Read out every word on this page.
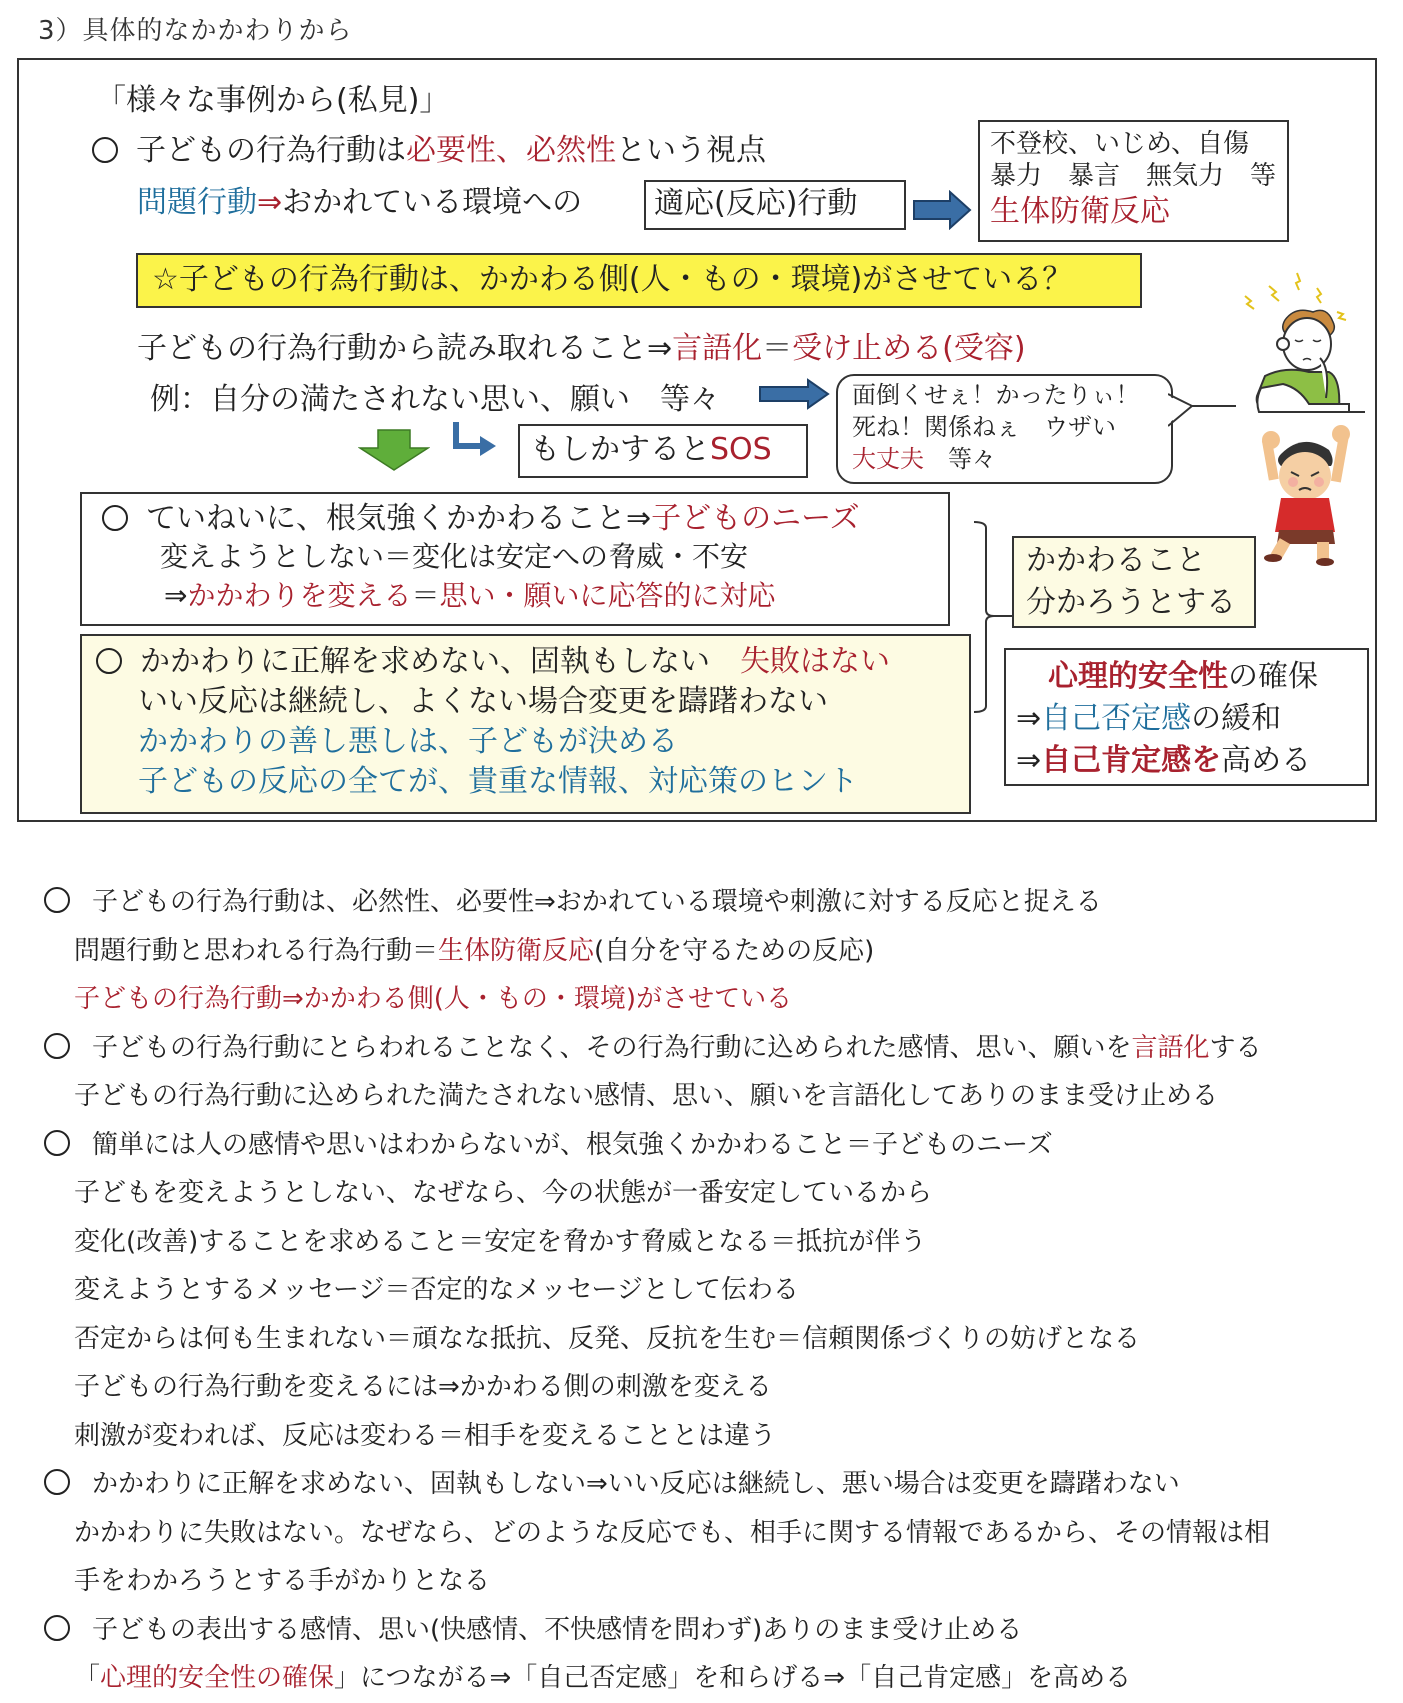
3）具体的なかかわりから
「様々な事例から(私見)」
子どもの行為行動は必要性、必然性という視点
問題行動⇒おかれている環境への	適応(反応)行動
不登校、いじめ、自傷
暴力　暴言　無気力　等
生体防衛反応
☆子どもの行為行動は、かかわる側(人・もの・環境)がさせている？
子どもの行為行動から読み取れること⇒言語化＝受け止める(受容)
例：自分の満たされない思い、願い　等々
もしかするとSOS
面倒くせぇ！かったりぃ！
死ね！関係ねぇ　ウザい
大丈夫　等々
ていねいに、根気強くかかわること⇒子どものニーズ
変えようとしない＝変化は安定への脅威・不安
⇒かかわりを変える＝思い・願いに応答的に対応
かかわりに正解を求めない、固執もしない　失敗はない
いい反応は継続し、よくない場合変更を躊躇わない
かかわりの善し悪しは、子どもが決める
子どもの反応の全てが、貴重な情報、対応策のヒント
かかわること
分かろうとする
心理的安全性の確保
⇒自己否定感の緩和
⇒自己肯定感を高める
子どもの行為行動は、必然性、必要性⇒おかれている環境や刺激に対する反応と捉える
問題行動と思われる行為行動＝生体防衛反応(自分を守るための反応)
子どもの行為行動⇒かかわる側(人・もの・環境)がさせている
子どもの行為行動にとらわれることなく、その行為行動に込められた感情、思い、願いを言語化する
子どもの行為行動に込められた満たされない感情、思い、願いを言語化してありのまま受け止める
簡単には人の感情や思いはわからないが、根気強くかかわること＝子どものニーズ
子どもを変えようとしない、なぜなら、今の状態が一番安定しているから
変化(改善)することを求めること＝安定を脅かす脅威となる＝抵抗が伴う
変えようとするメッセージ＝否定的なメッセージとして伝わる
否定からは何も生まれない＝頑なな抵抗、反発、反抗を生む＝信頼関係づくりの妨げとなる
子どもの行為行動を変えるには⇒かかわる側の刺激を変える
刺激が変われば、反応は変わる＝相手を変えることとは違う
かかわりに正解を求めない、固執もしない⇒いい反応は継続し、悪い場合は変更を躊躇わない
かかわりに失敗はない。なぜなら、どのような反応でも、相手に関する情報であるから、その情報は相
手をわかろうとする手がかりとなる
子どもの表出する感情、思い(快感情、不快感情を問わず)ありのまま受け止める
「心理的安全性の確保」につながる⇒「自己否定感」を和らげる⇒「自己肯定感」を高める
